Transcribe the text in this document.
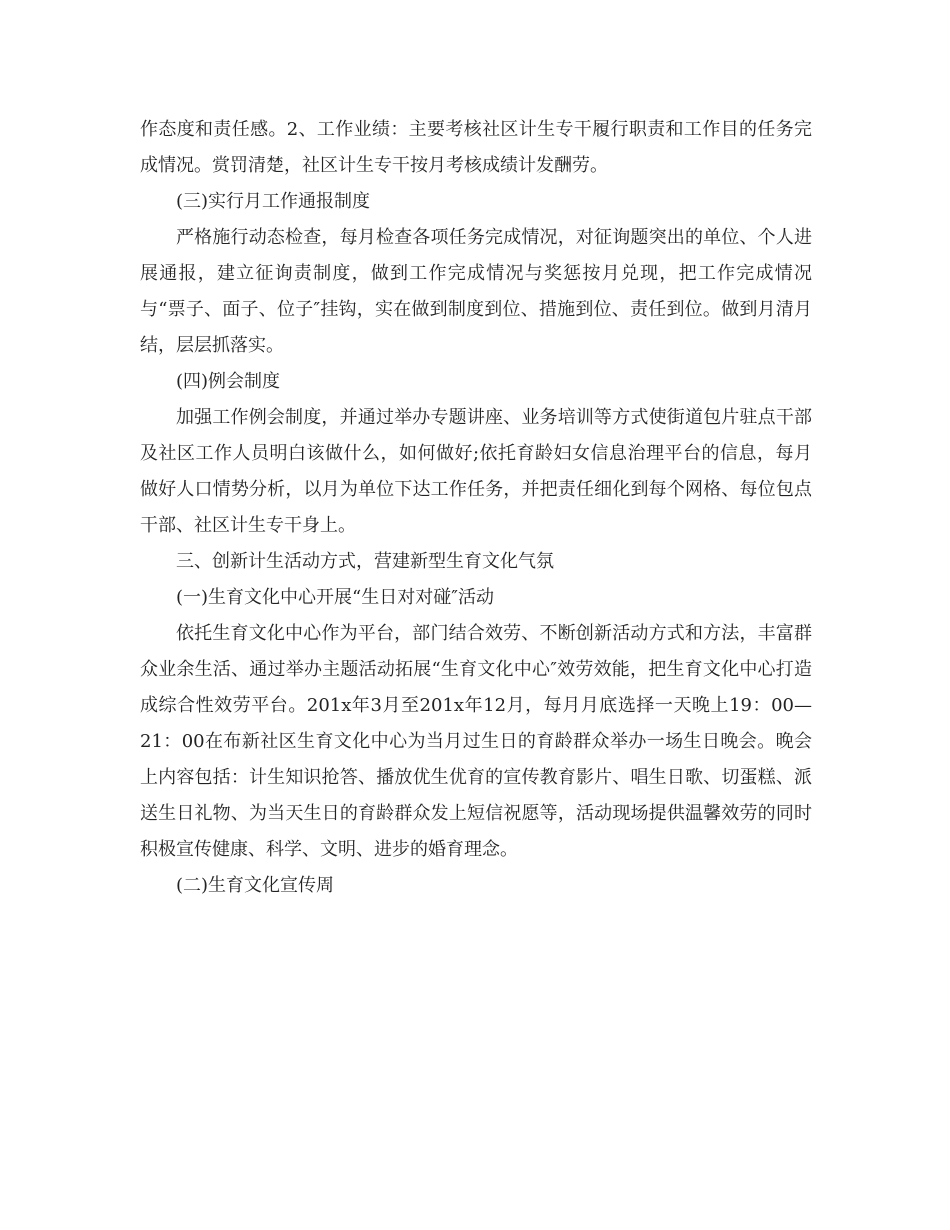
作态度和责任感。2、工作业绩：主要考核社区计生专干履行职责和工作目的任务完成情况。赏罚清楚，社区计生专干按月考核成绩计发酬劳。

(三)实行月工作通报制度

严格施行动态检查，每月检查各项任务完成情况，对征询题突出的单位、个人进展通报，建立征询责制度，做到工作完成情况与奖惩按月兑现，把工作完成情况与“票子、面子、位子″挂钩，实在做到制度到位、措施到位、责任到位。做到月清月结，层层抓落实。

(四)例会制度

加强工作例会制度，并通过举办专题讲座、业务培训等方式使街道包片驻点干部及社区工作人员明白该做什么，如何做好;依托育龄妇女信息治理平台的信息，每月做好人口情势分析，以月为单位下达工作任务，并把责任细化到每个网格、每位包点干部、社区计生专干身上。

三、创新计生活动方式，营建新型生育文化气氛

(一)生育文化中心开展“生日对对碰″活动

依托生育文化中心作为平台，部门结合效劳、不断创新活动方式和方法，丰富群众业余生活、通过举办主题活动拓展“生育文化中心″效劳效能，把生育文化中心打造成综合性效劳平台。201x年3月至201x年12月，每月月底选择一天晚上19：00—21：00在布新社区生育文化中心为当月过生日的育龄群众举办一场生日晚会。晚会上内容包括：计生知识抢答、播放优生优育的宣传教育影片、唱生日歌、切蛋糕、派送生日礼物、为当天生日的育龄群众发上短信祝愿等，活动现场提供温馨效劳的同时积极宣传健康、科学、文明、进步的婚育理念。

(二)生育文化宣传周
